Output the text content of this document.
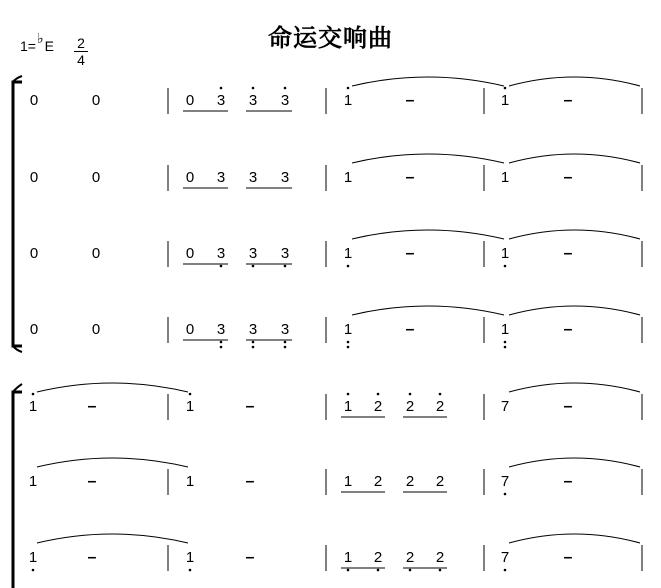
命运交响曲
1=♭E $\frac{2}{4}$
0	0	0 3 3 3	1	–	1	–
0	0	0 3 3 3	1	–	1	–
0	0	0 3 3 3	1	–	1	–
0	0	0 3 3 3	1	–	1	–
1	–	1	–	1 2 2 2	7	–
1	–	1	–	1 2 2 2	7	–
1	–	1	–	1 2 2 2	7	–
